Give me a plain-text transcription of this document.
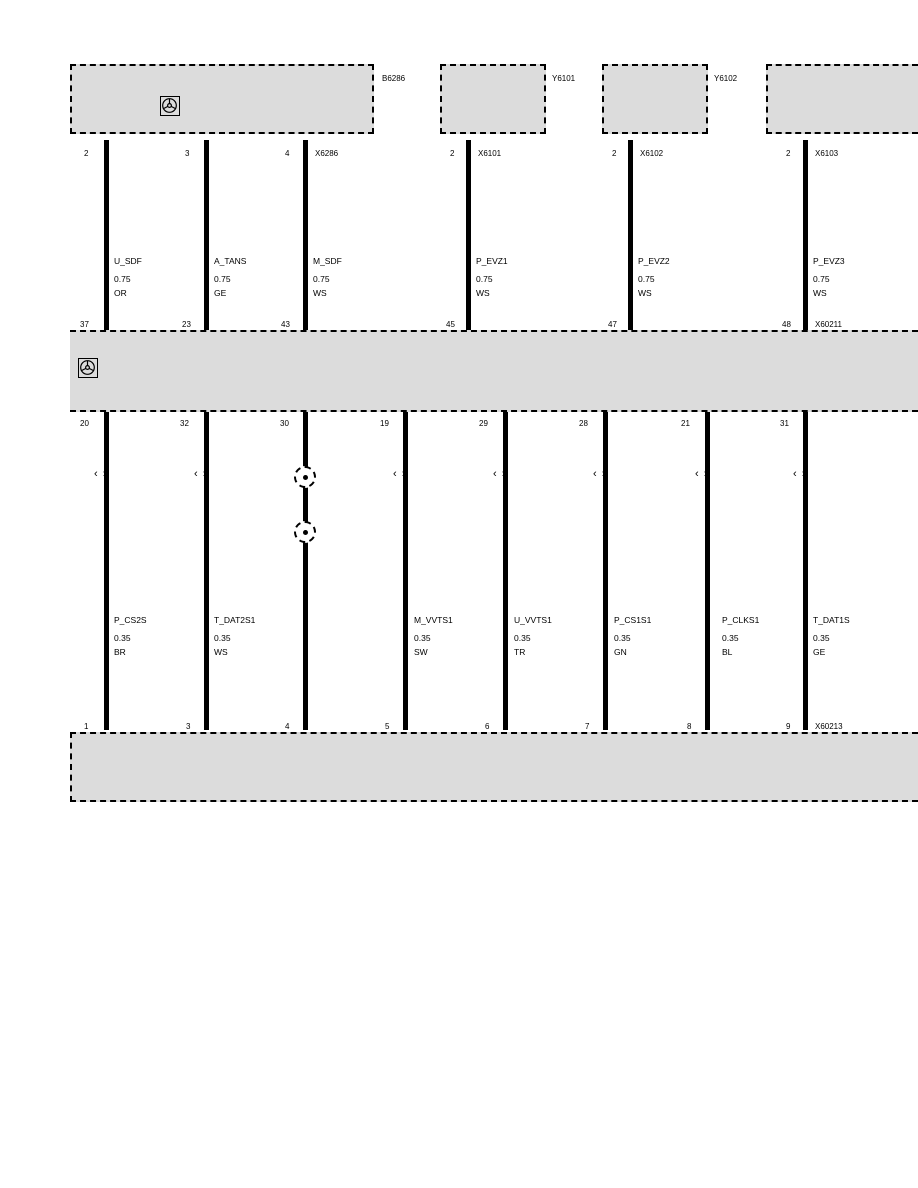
B6286	Y6101	Y6102
2
37
U_SDF
0.75
OR
3
23
A_TANS
0.75
GE
4
43
X6286
M_SDF
0.75
WS
2
45
X6101
P_EVZ1
0.75
WS
2
47
X6102
P_EVZ2
0.75
WS
2
48
X6103
P_EVZ3
0.75
WS
X60211
20
1
‹ ›
P_CS2S
0.35
BR
32
3
‹ ›
T_DAT2S1
0.35
WS
30
4
19
5
‹ ›
29
6
‹ ›
M_VVTS1
0.35
SW
28
7
‹ ›
U_VVTS1
0.35
TR
21
8
‹ ›
P_CS1S1
0.35
GN
31
9
‹ ›
P_CLKS1
0.35
BL
T_DAT1S
0.35
GE
X60213
